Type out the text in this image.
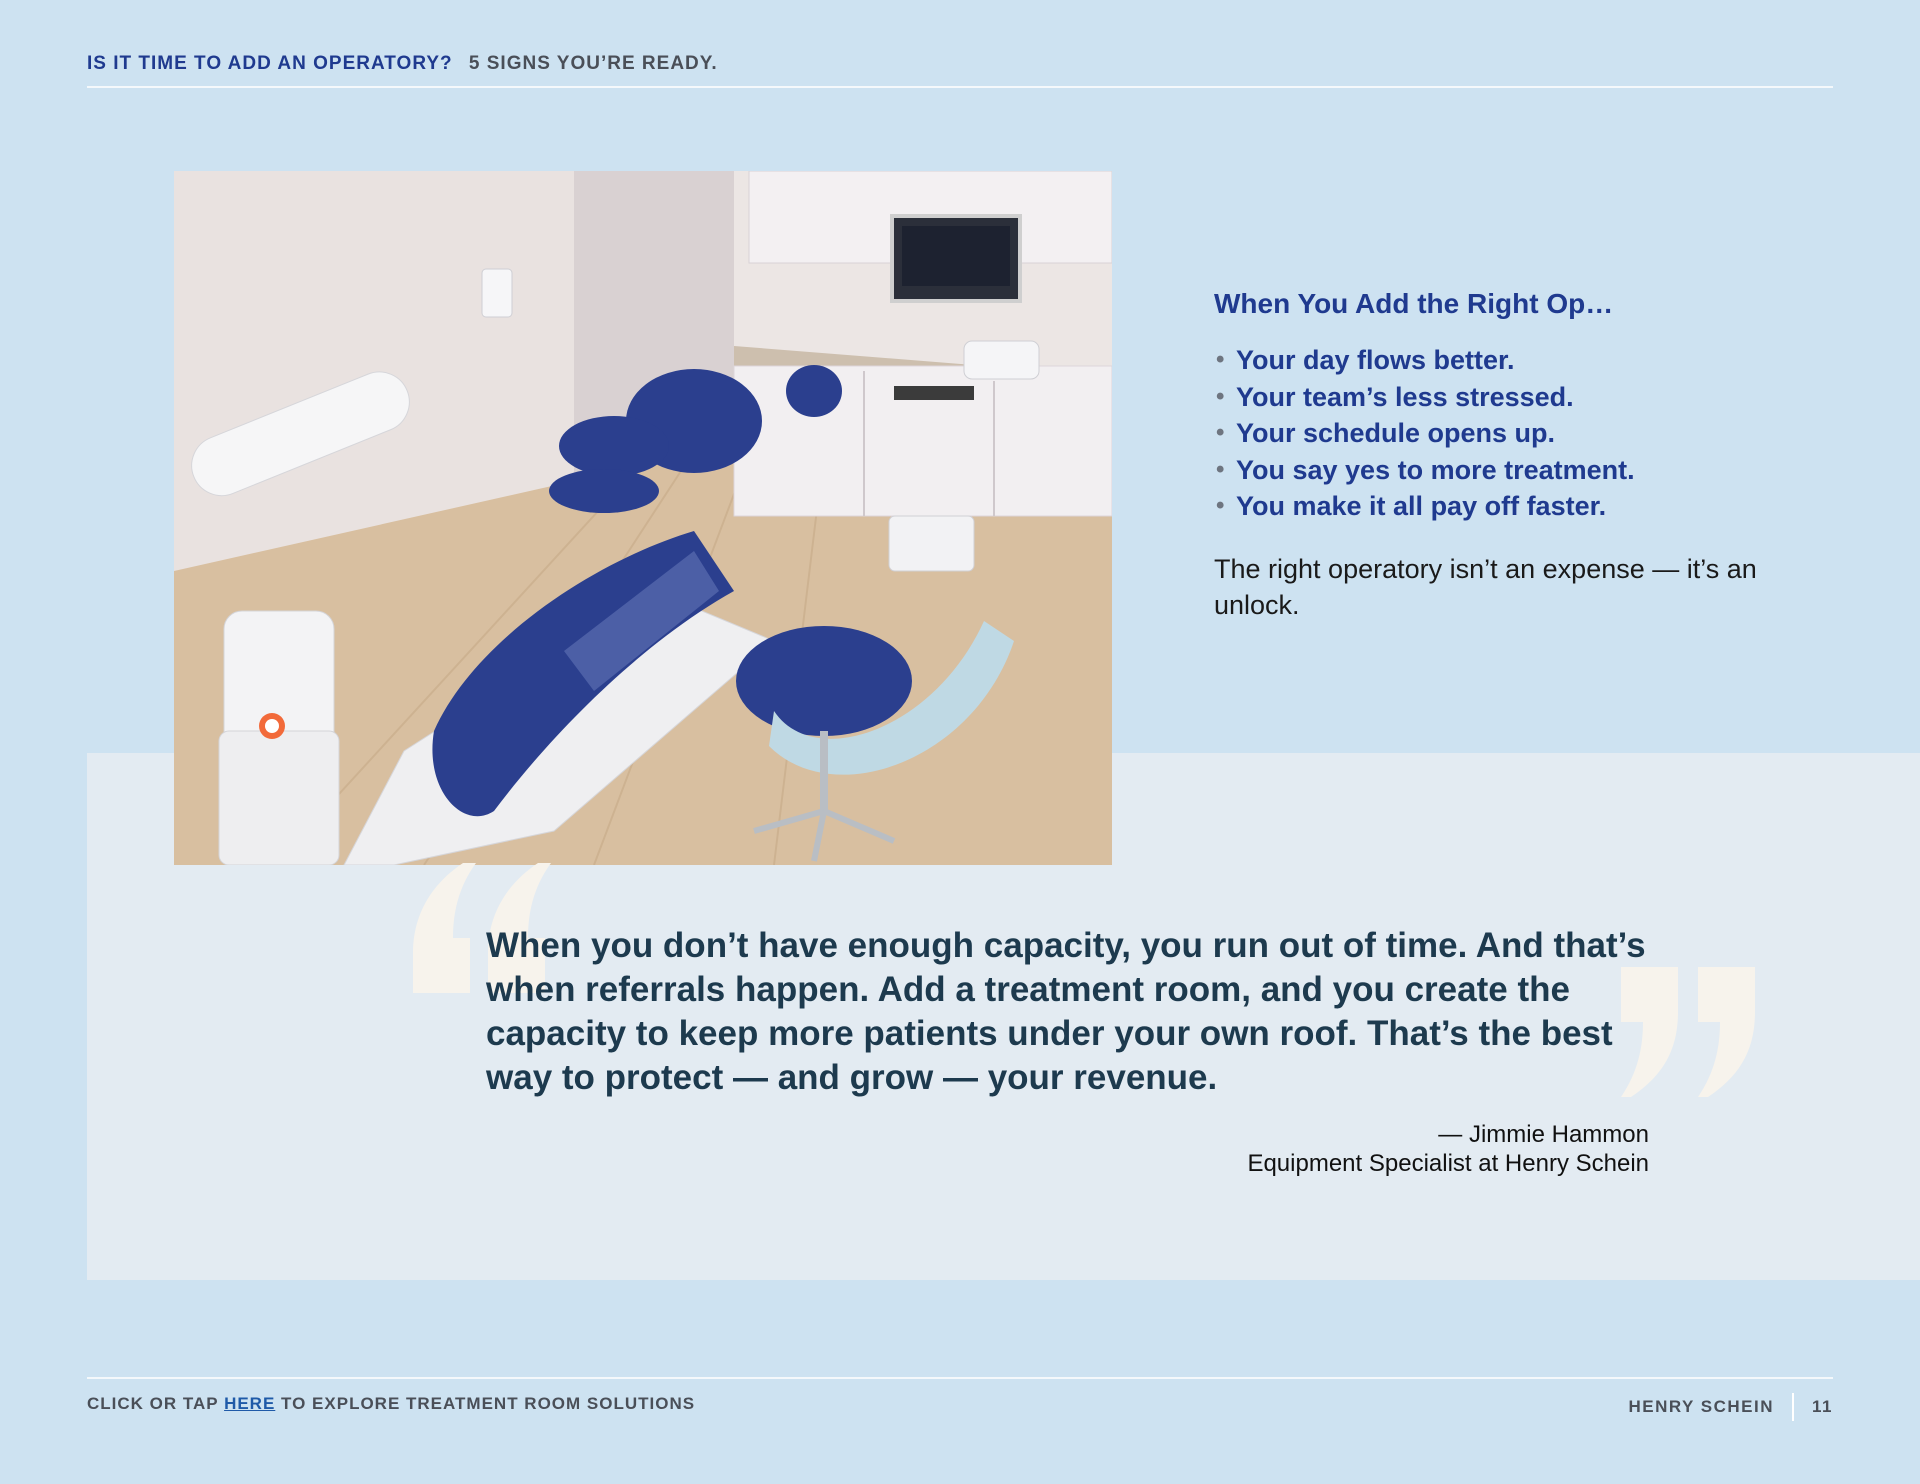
IS IT TIME TO ADD AN OPERATORY? 5 SIGNS YOU’RE READY.
When You Add the Right Op…
• Your day flows better.
• Your team’s less stressed.
• Your schedule opens up.
• You say yes to more treatment.
• You make it all pay off faster.

The right operatory isn’t an expense — it’s an unlock.

When you don’t have enough capacity, you run out of time. And that’s when referrals happen. Add a treatment room, and you create the capacity to keep more patients under your own roof. That’s the best way to protect — and grow — your revenue.

— Jimmie Hammon
Equipment Specialist at Henry Schein
CLICK OR TAP HERE TO EXPLORE TREATMENT ROOM SOLUTIONS	HENRY SCHEIN 11
